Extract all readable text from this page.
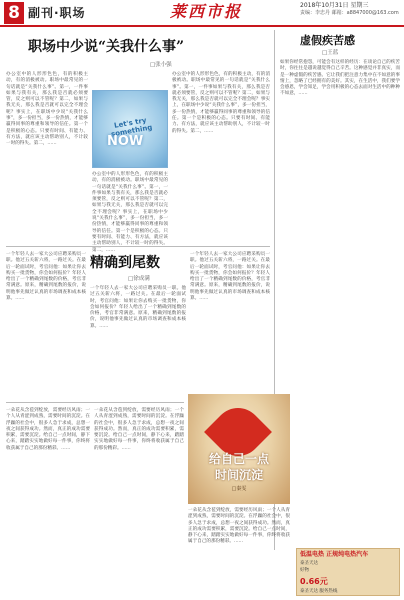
8 副刊·职场	莱西市报	2018年10月31日 星期三
责编：李忠丹 邮箱：a8847000@163.com
职场中少说“关我什么事”
□张小强
办公室中的人形形色色，有的积极主动，有的消极被动。职场中最常见的一句话就是“关我什么事”。第一，一件事如果与我有关，那么我是否就必须要管，反之则可以不管呢？第二，如果与我无关，那么我是否就可以完全不理会呢？事实上，在职场中少说“关我什么事”，多一份担当，多一份热情，才能够赢得同事的尊重和领导的信任。第一个是积极的心态。只要有时间、有能力、有方法，就应该主动帮助别人，不计较一时的得失。第二，……
Let's try something
NOW
办公室中的人形形色色，有的积极主动，有的消极被动。职场中最常见的一句话就是“关我什么事”。第一，一件事如果与我有关，那么我是否就必须要管，反之则可以不管呢？第二，如果与我无关，那么我是否就可以完全不理会呢？事实上，在职场中少说“关我什么事”，多一份担当，多一份热情，才能够赢得同事的尊重和领导的信任。第一个是积极的心态。只要有时间、有能力、有方法，就应该主动帮助别人，不计较一时的得失。第二，……
办公室中的人形形色色，有的积极主动，有的消极被动。职场中最常见的一句话就是“关我什么事”。第一，一件事如果与我有关，那么我是否就必须要管，反之则可以不管呢？第二，如果与我无关，那么我是否就可以完全不理会呢？事实上，在职场中少说“关我什么事”，多一份担当，多一份热情，才能够赢得同事的尊重和领导的信任。第一个是积极的心态。只要有时间、有能力、有方法，就应该主动帮助别人，不计较一时的得失。第二，……
虚假疾苦感
□王蓝
如果你经常抱怨，可能会有这样的经历：在谈论自己的疾苦时，你往往是越说越觉得自己辛苦。这种感觉并非真实，而是一种虚假的疾苦感。它让我们把注意力集中在不如意的事情上，忽略了已经拥有的美好。其实，在生活中，我们要学会感恩，学会知足，学会用积极的心态去面对生活中的种种不如意，……
一个年轻人去一家大公司应聘采购员一职。他过五关斩六将，一路过关。在最后一轮面试时，考官问他：如果让你去购买一批货物，你会如何报价？年轻人给出了一个精确到尾数的价格，考官非常满意。原来，精确到尾数的报价，说明他事先做过认真的市场调查和成本核算。……
精确到尾数
□徐成满
一个年轻人去一家大公司应聘采购员一职。他过五关斩六将，一路过关。在最后一轮面试时，考官问他：如果让你去购买一批货物，你会如何报价？年轻人给出了一个精确到尾数的价格，考官非常满意。原来，精确到尾数的报价，说明他事先做过认真的市场调查和成本核算。……
一个年轻人去一家大公司应聘采购员一职。他过五关斩六将，一路过关。在最后一轮面试时，考官问他：如果让你去购买一批货物，你会如何报价？年轻人给出了一个精确到尾数的价格，考官非常满意。原来，精确到尾数的报价，说明他事先做过认真的市场调查和成本核算。……
一朵花从含苞到绽放，需要经历风雨；一个人从青涩到成熟，需要时间的沉淀。在浮躁的社会中，很多人急于求成，总想一夜之间获得成功。然而，真正的成功需要积累，需要沉淀。给自己一点时间，静下心来，踏踏实实地做好每一件事，你终将收获属于自己的那份精彩。……
一朵花从含苞到绽放，需要经历风雨；一个人从青涩到成熟，需要时间的沉淀。在浮躁的社会中，很多人急于求成，总想一夜之间获得成功。然而，真正的成功需要积累，需要沉淀。给自己一点时间，静下心来，踏踏实实地做好每一件事，你终将收获属于自己的那份精彩。……
给自己一点
时间沉淀
□秦雯
一朵花从含苞到绽放，需要经历风雨；一个人从青涩到成熟，需要时间的沉淀。在浮躁的社会中，很多人急于求成，总想一夜之间获得成功。然而，真正的成功需要积累，需要沉淀。给自己一点时间，静下心来，踏踏实实地做好每一件事，你终将收获属于自己的那份精彩。……
低温电热 正规纯电热汽车
泰圣天达
好物
0.66元
泰圣天达 服务热线
